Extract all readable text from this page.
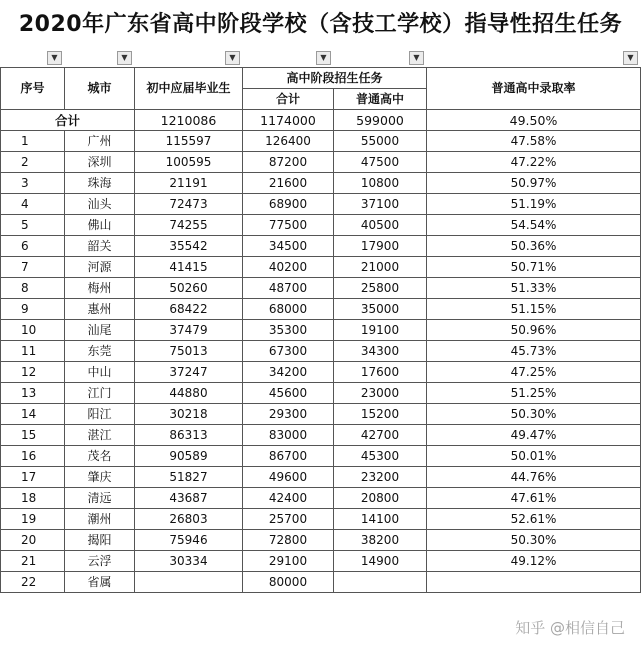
2020年广东省高中阶段学校（含技工学校）指导性招生任务
▼	▼	▼	▼	▼	▼
序号	城市	初中应届毕业生	高中阶段招生任务		普通高中录取率
			合计	普通高中	
合计		1210086	1174000	599000	49.50%
1	广州	115597	126400	55000	47.58%
2	深圳	100595	87200	47500	47.22%
3	珠海	21191	21600	10800	50.97%
4	汕头	72473	68900	37100	51.19%
5	佛山	74255	77500	40500	54.54%
6	韶关	35542	34500	17900	50.36%
7	河源	41415	40200	21000	50.71%
8	梅州	50260	48700	25800	51.33%
9	惠州	68422	68000	35000	51.15%
10	汕尾	37479	35300	19100	50.96%
11	东莞	75013	67300	34300	45.73%
12	中山	37247	34200	17600	47.25%
13	江门	44880	45600	23000	51.25%
14	阳江	30218	29300	15200	50.30%
15	湛江	86313	83000	42700	49.47%
16	茂名	90589	86700	45300	50.01%
17	肇庆	51827	49600	23200	44.76%
18	清远	43687	42400	20800	47.61%
19	潮州	26803	25700	14100	52.61%
20	揭阳	75946	72800	38200	50.30%
21	云浮	30334	29100	14900	49.12%
22	省属		80000		
知乎 @相信自己
